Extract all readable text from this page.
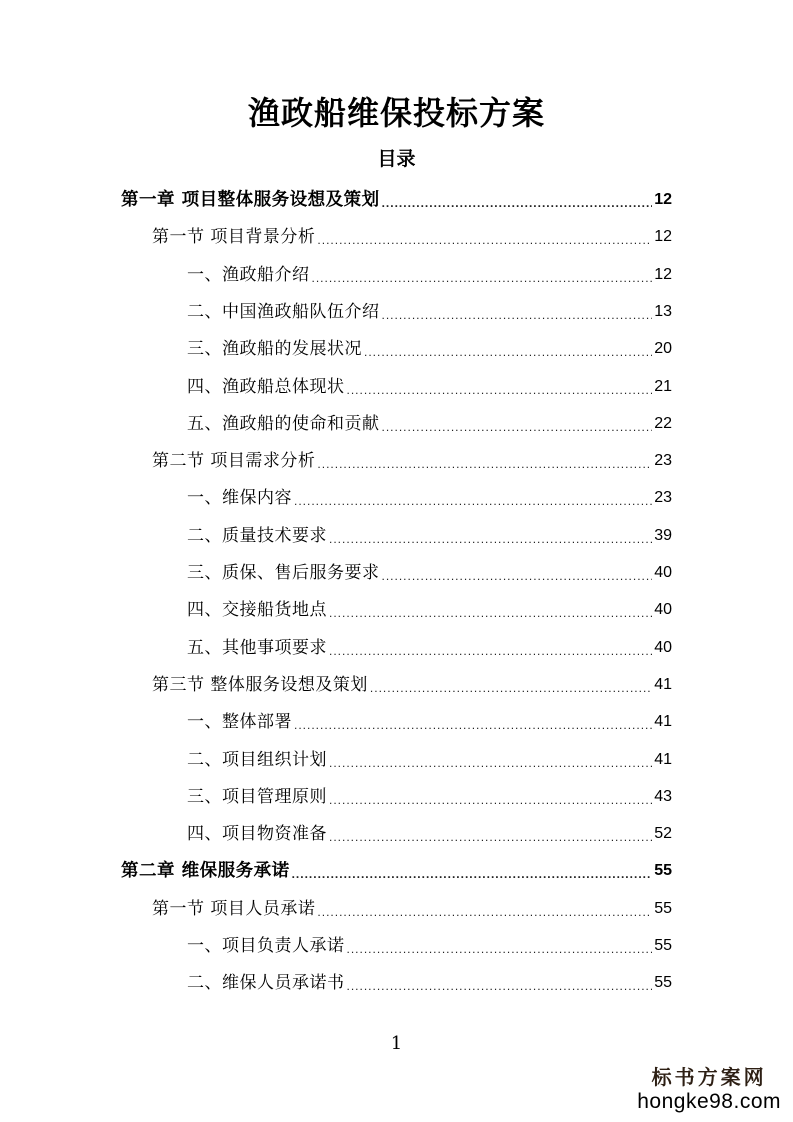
渔政船维保投标方案
目录
第一章 项目整体服务设想及策划 .....	12
第一节 项目背景分析 .....	12
一、渔政船介绍 .....	12
二、中国渔政船队伍介绍 .....	13
三、渔政船的发展状况 .....	20
四、渔政船总体现状 .....	21
五、渔政船的使命和贡献 .....	22
第二节 项目需求分析 .....	23
一、维保内容 .....	23
二、质量技术要求 .....	39
三、质保、售后服务要求 .....	40
四、交接船货地点 .....	40
五、其他事项要求 .....	40
第三节 整体服务设想及策划 .....	41
一、整体部署 .....	41
二、项目组织计划 .....	41
三、项目管理原则 .....	43
四、项目物资准备 .....	52
第二章 维保服务承诺 .....	55
第一节 项目人员承诺 .....	55
一、项目负责人承诺 .....	55
二、维保人员承诺书 .....	55
1
标书方案网
hongke98.com
